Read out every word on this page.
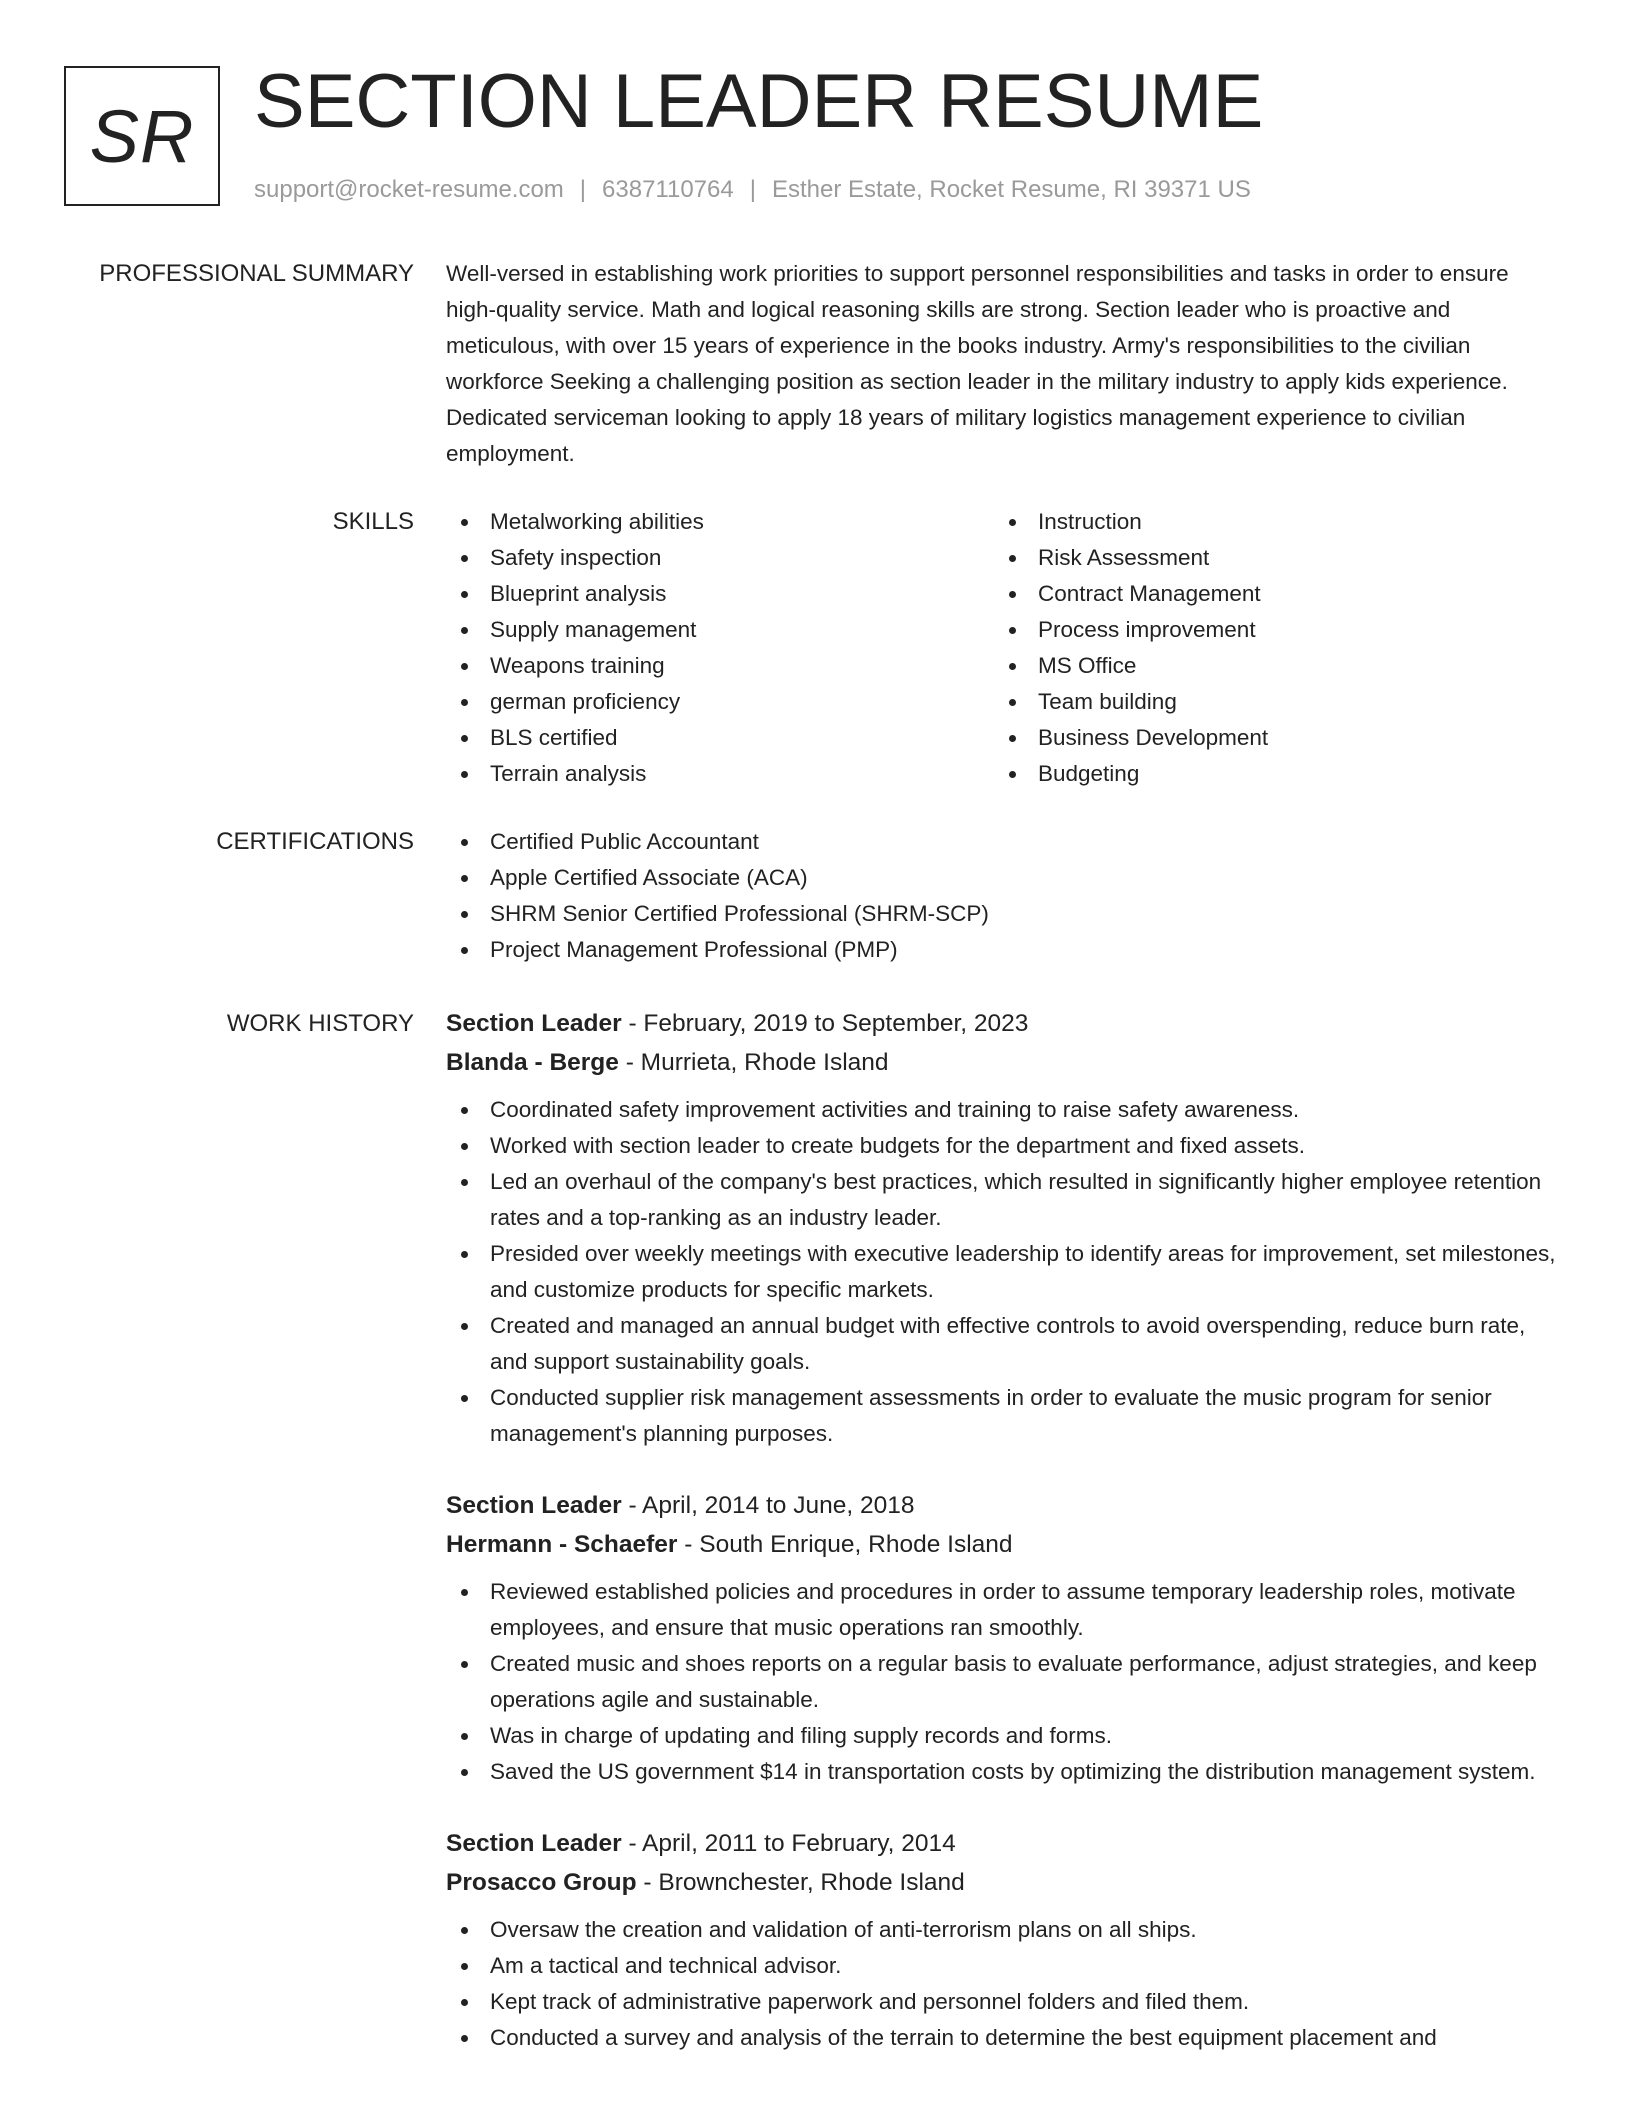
SR SECTION LEADER RESUME
support@rocket-resume.com | 6387110764 | Esther Estate, Rocket Resume, RI 39371 US
PROFESSIONAL SUMMARY Well-versed in establishing work priorities to support personnel responsibilities and tasks in order to ensure high-quality service. Math and logical reasoning skills are strong. Section leader who is proactive and meticulous, with over 15 years of experience in the books industry. Army's responsibilities to the civilian workforce Seeking a challenging position as section leader in the military industry to apply kids experience. Dedicated serviceman looking to apply 18 years of military logistics management experience to civilian employment.

SKILLS	Metalworking abilities
Safety inspection
Blueprint analysis
Supply management
Weapons training
german proficiency
BLS certified
Terrain analysis
Instruction
Risk Assessment
Contract Management
Process improvement
MS Office
Team building
Business Development
Budgeting
CERTIFICATIONS	Certified Public Accountant
Apple Certified Associate (ACA)
SHRM Senior Certified Professional (SHRM-SCP)
Project Management Professional (PMP)
WORK HISTORY Section Leader - February, 2019 to September, 2023
Blanda - Berge - Murrieta, Rhode Island
Coordinated safety improvement activities and training to raise safety awareness.
Worked with section leader to create budgets for the department and fixed assets.
Led an overhaul of the company's best practices, which resulted in significantly higher employee retention rates and a top-ranking as an industry leader.
Presided over weekly meetings with executive leadership to identify areas for improvement, set milestones, and customize products for specific markets.
Created and managed an annual budget with effective controls to avoid overspending, reduce burn rate, and support sustainability goals.
Conducted supplier risk management assessments in order to evaluate the music program for senior management's planning purposes.
Section Leader - April, 2014 to June, 2018
Hermann - Schaefer - South Enrique, Rhode Island
Reviewed established policies and procedures in order to assume temporary leadership roles, motivate employees, and ensure that music operations ran smoothly.
Created music and shoes reports on a regular basis to evaluate performance, adjust strategies, and keep operations agile and sustainable.
Was in charge of updating and filing supply records and forms.
Saved the US government $14 in transportation costs by optimizing the distribution management system.
Section Leader - April, 2011 to February, 2014
Prosacco Group - Brownchester, Rhode Island
Oversaw the creation and validation of anti-terrorism plans on all ships.
Am a tactical and technical advisor.
Kept track of administrative paperwork and personnel folders and filed them.
Conducted a survey and analysis of the terrain to determine the best equipment placement and
